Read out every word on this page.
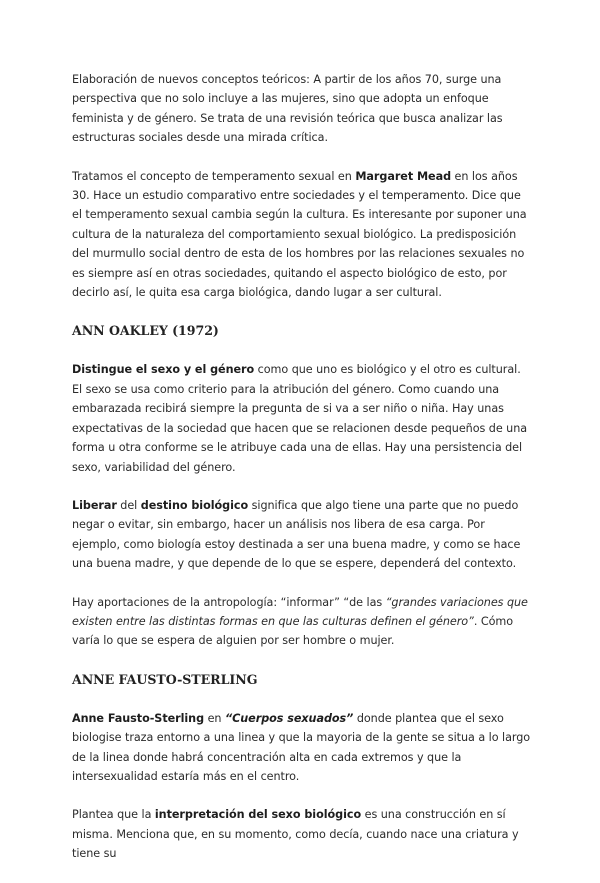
Elaboración de nuevos conceptos teóricos: A partir de los años 70, surge una perspectiva que no solo incluye a las mujeres, sino que adopta un enfoque feminista y de género. Se trata de una revisión teórica que busca analizar las estructuras sociales desde una mirada crítica.

Tratamos el concepto de temperamento sexual en Margaret Mead en los años 30. Hace un estudio comparativo entre sociedades y el temperamento. Dice que el temperamento sexual cambia según la cultura. Es interesante por suponer una cultura de la naturaleza del comportamiento sexual biológico. La predisposición del murmullo social dentro de esta de los hombres por las relaciones sexuales no es siempre así en otras sociedades, quitando el aspecto biológico de esto, por decirlo así, le quita esa carga biológica, dando lugar a ser cultural.

ANN OAKLEY (1972)

Distingue el sexo y el género como que uno es biológico y el otro es cultural. El sexo se usa como criterio para la atribución del género. Como cuando una embarazada recibirá siempre la pregunta de si va a ser niño o niña. Hay unas expectativas de la sociedad que hacen que se relacionen desde pequeños de una forma u otra conforme se le atribuye cada una de ellas. Hay una persistencia del sexo, variabilidad del género.

Liberar del destino biológico significa que algo tiene una parte que no puedo negar o evitar, sin embargo, hacer un análisis nos libera de esa carga. Por ejemplo, como biología estoy destinada a ser una buena madre, y como se hace una buena madre, y que depende de lo que se espere, dependerá del contexto.

Hay aportaciones de la antropología: “informar” “de las “grandes variaciones que existen entre las distintas formas en que las culturas definen el género”. Cómo varía lo que se espera de alguien por ser hombre o mujer.

ANNE FAUSTO-STERLING

Anne Fausto-Sterling en “Cuerpos sexuados” donde plantea que el sexo biologise traza entorno a una linea y que la mayoria de la gente se situa a lo largo de la linea donde habrá concentración alta en cada extremos y que la intersexualidad estaría más en el centro.

Plantea que la interpretación del sexo biológico es una construcción en sí misma. Menciona que, en su momento, como decía, cuando nace una criatura y tiene su
